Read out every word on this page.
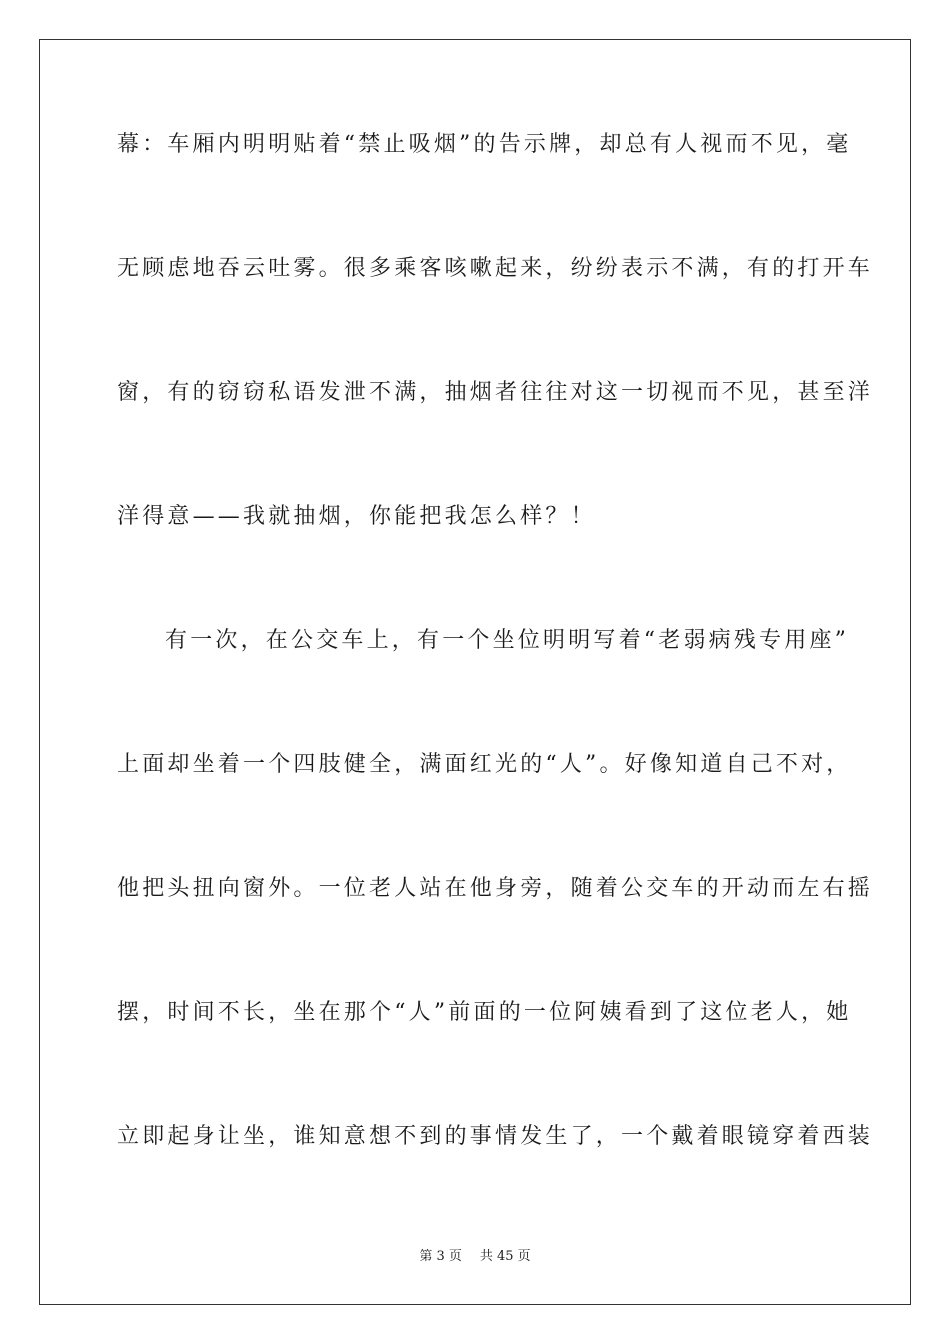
幕：车厢内明明贴着“禁止吸烟”的告示牌，却总有人视而不见，毫
无顾虑地吞云吐雾。很多乘客咳嗽起来，纷纷表示不满，有的打开车
窗，有的窃窃私语发泄不满，抽烟者往往对这一切视而不见，甚至洋
洋得意——我就抽烟，你能把我怎么样？！
有一次，在公交车上，有一个坐位明明写着“老弱病残专用座”
上面却坐着一个四肢健全，满面红光的“人”。好像知道自己不对，
他把头扭向窗外。一位老人站在他身旁，随着公交车的开动而左右摇
摆，时间不长，坐在那个“人”前面的一位阿姨看到了这位老人，她
立即起身让坐，谁知意想不到的事情发生了，一个戴着眼镜穿着西装
第 3 页 共 45 页
